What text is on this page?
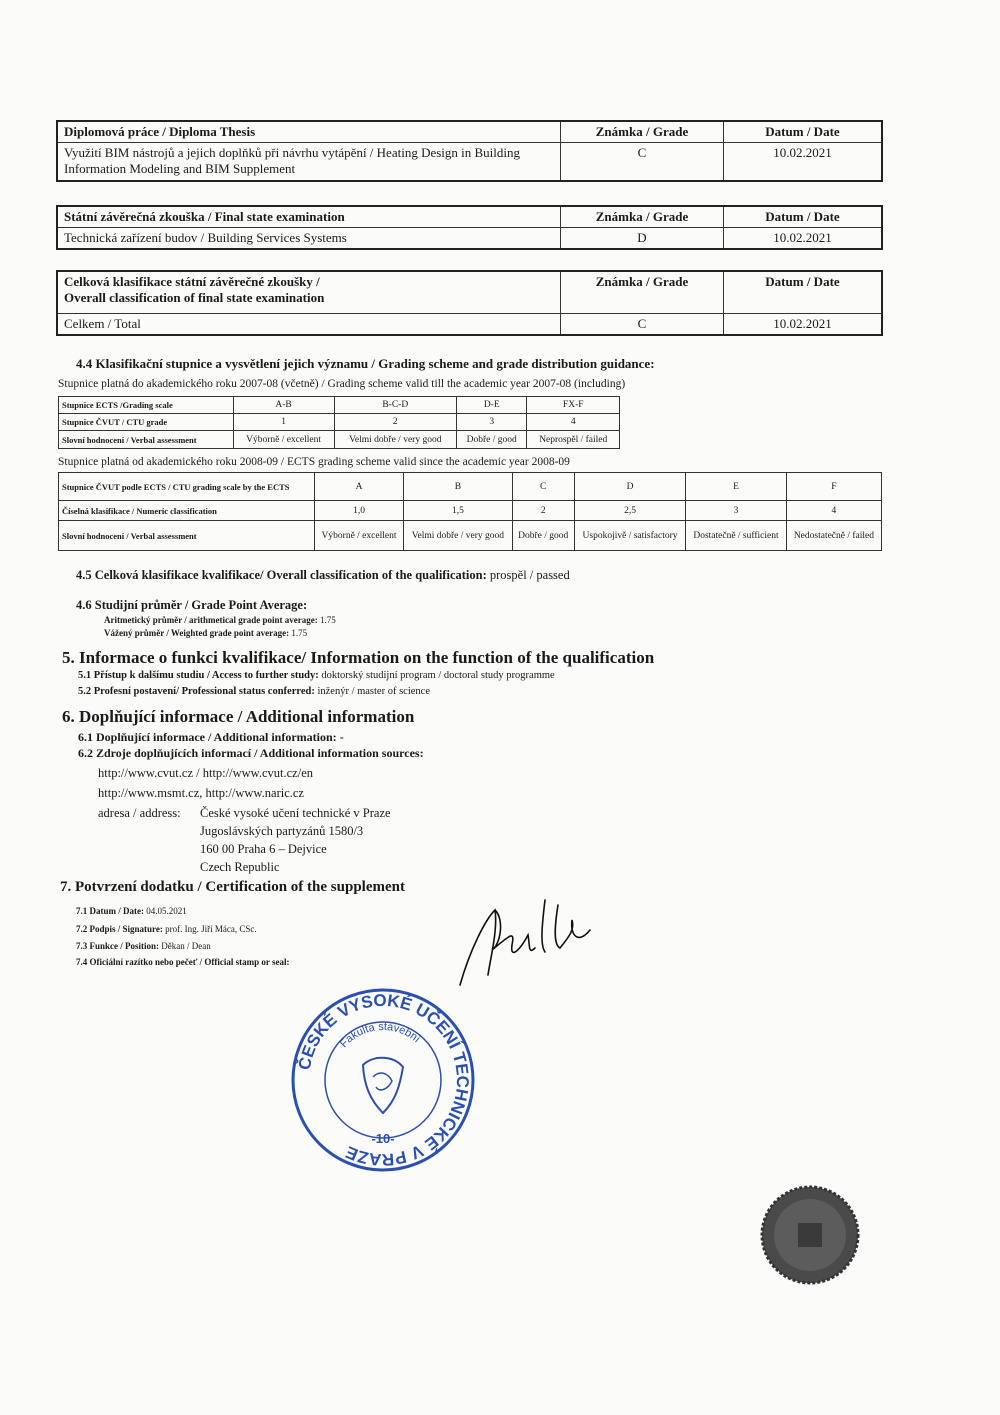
Diplomová práce / Diploma Thesis	Známka / Grade	Datum / Date
Využití BIM nástrojů a jejich doplňků při návrhu vytápění / Heating Design in Building Information Modeling and BIM Supplement	C	10.02.2021
Státní závěrečná zkouška / Final state examination	Známka / Grade	Datum / Date
Technická zařízení budov / Building Services Systems	D	10.02.2021
Celková klasifikace státní závěrečné zkoušky /
Overall classification of final state examination	Známka / Grade	Datum / Date
Celkem / Total	C	10.02.2021
4.4 Klasifikační stupnice a vysvětlení jejich významu / Grading scheme and grade distribution guidance:
Stupnice platná do akademického roku 2007-08 (včetně) / Grading scheme valid till the academic year 2007-08 (including)
Stupnice ECTS /Grading scale	A-B	B-C-D	D-E	FX-F
Stupnice ČVUT / CTU grade	1	2	3	4
Slovní hodnocení / Verbal assessment	Výborně / excellent	Velmi dobře / very good	Dobře / good	Neprospěl / failed
Stupnice platná od akademického roku 2008-09 / ECTS grading scheme valid since the academic year 2008-09
Stupnice ČVUT podle ECTS / CTU grading scale by the ECTS	A	B	C	D	E	F
Číselná klasifikace / Numeric classification	1,0	1,5	2	2,5	3	4
Slovní hodnocení / Verbal assessment	Výborně / excellent	Velmi dobře / very good	Dobře / good	Uspokojivě / satisfactory	Dostatečně / sufficient	Nedostatečně / failed
4.5 Celková klasifikace kvalifikace/ Overall classification of the qualification: prospěl / passed
4.6 Studijní průměr / Grade Point Average:
Aritmetický průměr / arithmetical grade point average: 1.75
Vážený průměr / Weighted grade point average: 1.75
5. Informace o funkci kvalifikace/ Information on the function of the qualification
5.1 Přístup k dalšímu studiu / Access to further study: doktorský studijní program / doctoral study programme
5.2 Profesní postavení/ Professional status conferred: inženýr / master of science
6. Doplňující informace / Additional information
6.1 Doplňující informace / Additional information: -
6.2 Zdroje doplňujících informací / Additional information sources:
http://www.cvut.cz / http://www.cvut.cz/en
http://www.msmt.cz, http://www.naric.cz
adresa / address: České vysoké učení technické v Praze
Jugoslávských partyzánů 1580/3
160 00 Praha 6 – Dejvice
Czech Republic
7. Potvrzení dodatku / Certification of the supplement
7.1 Datum / Date: 04.05.2021
7.2 Podpis / Signature: prof. Ing. Jiří Máca, CSc.
7.3 Funkce / Position: Děkan / Dean
7.4 Oficiální razítko nebo pečeť / Official stamp or seal:
ČESKÉ VYSOKÉ UČENÍ TECHNICKÉ V PRAZE
Fakulta stavební
-10-
